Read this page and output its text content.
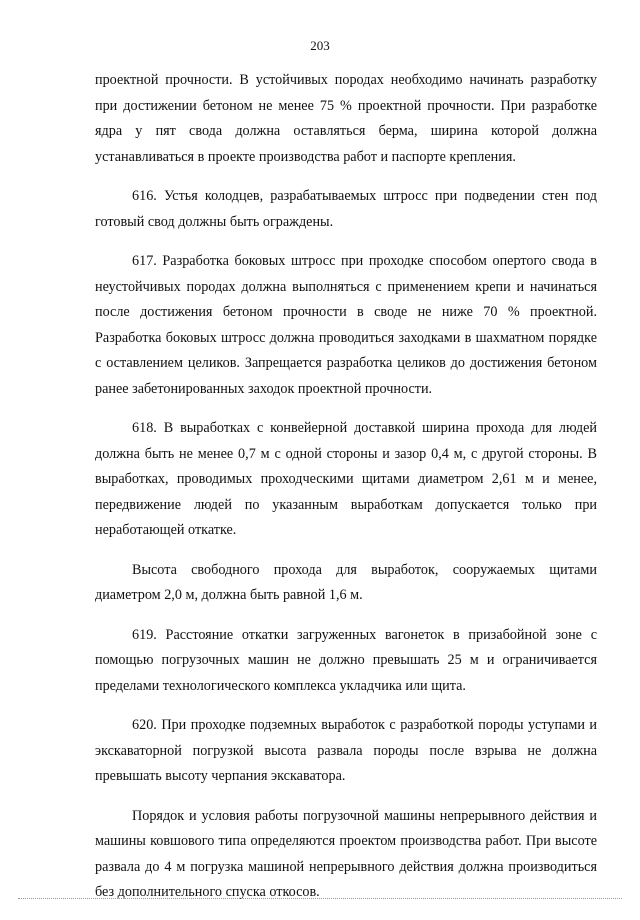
203

проектной прочности. В устойчивых породах необходимо начинать разработку при достижении бетоном не менее 75 % проектной прочности. При разработке ядра у пят свода должна оставляться берма, ширина которой должна устанавливаться в проекте производства работ и паспорте крепления.

616. Устья колодцев, разрабатываемых штросс при подведении стен под готовый свод должны быть ограждены.

617. Разработка боковых штросс при проходке способом опертого свода в неустойчивых породах должна выполняться с применением крепи и начинаться после достижения бетоном прочности в своде не ниже 70 % проектной. Разработка боковых штросс должна проводиться заходками в шахматном порядке с оставлением целиков. Запрещается разработка целиков до достижения бетоном ранее забетонированных заходок проектной прочности.

618. В выработках с конвейерной доставкой ширина прохода для людей должна быть не менее 0,7 м с одной стороны и зазор 0,4 м, с другой стороны. В выработках, проводимых проходческими щитами диаметром 2,61 м и менее, передвижение людей по указанным выработкам допускается только при неработающей откатке.

Высота свободного прохода для выработок, сооружаемых щитами диаметром 2,0 м, должна быть равной 1,6 м.

619. Расстояние откатки загруженных вагонеток в призабойной зоне с помощью погрузочных машин не должно превышать 25 м и ограничивается пределами технологического комплекса укладчика или щита.

620. При проходке подземных выработок с разработкой породы уступами и экскаваторной погрузкой высота развала породы после взрыва не должна превышать высоту черпания экскаватора.

Порядок и условия работы погрузочной машины непрерывного действия и машины ковшового типа определяются проектом производства работ. При высоте развала до 4 м погрузка машиной непрерывного действия должна производиться без дополнительного спуска откосов.
